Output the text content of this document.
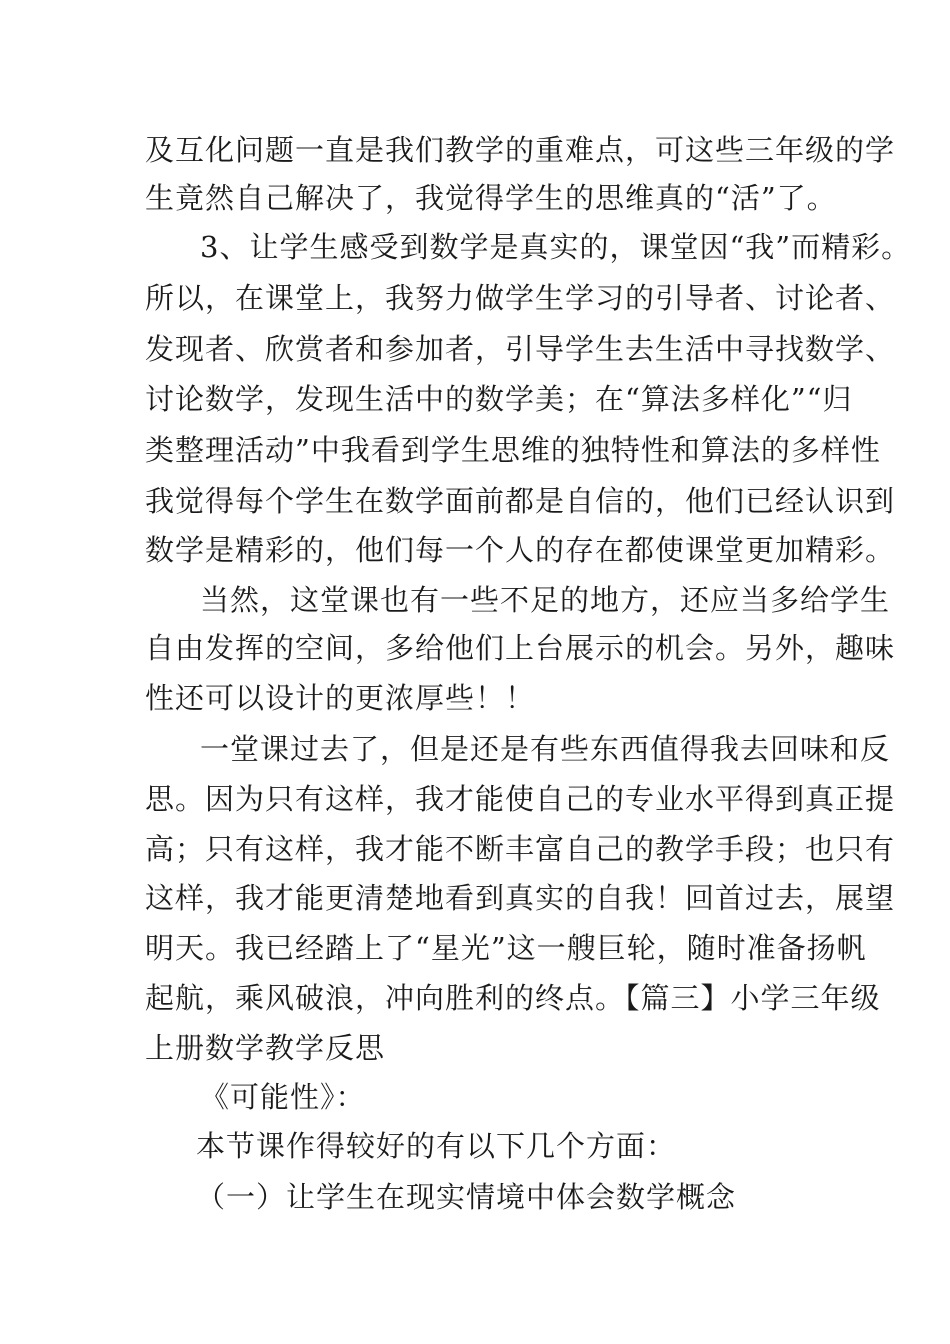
及互化问题一直是我们教学的重难点，可这些三年级的学
生竟然自己解决了，我觉得学生的思维真的“活”了。
3、让学生感受到数学是真实的，课堂因“我”而精彩。
所以，在课堂上，我努力做学生学习的引导者、讨论者、
发现者、欣赏者和参加者，引导学生去生活中寻找数学、
讨论数学，发现生活中的数学美；在“算法多样化”“归
类整理活动”中我看到学生思维的独特性和算法的多样性
我觉得每个学生在数学面前都是自信的，他们已经认识到
数学是精彩的，他们每一个人的存在都使课堂更加精彩。
当然，这堂课也有一些不足的地方，还应当多给学生
自由发挥的空间，多给他们上台展示的机会。另外，趣味
性还可以设计的更浓厚些！！
一堂课过去了，但是还是有些东西值得我去回味和反
思。因为只有这样，我才能使自己的专业水平得到真正提
高；只有这样，我才能不断丰富自己的教学手段；也只有
这样，我才能更清楚地看到真实的自我！回首过去，展望
明天。我已经踏上了“星光”这一艘巨轮，随时准备扬帆
起航，乘风破浪，冲向胜利的终点。【篇三】小学三年级
上册数学教学反思
《可能性》：
本节课作得较好的有以下几个方面：
（一）让学生在现实情境中体会数学概念
